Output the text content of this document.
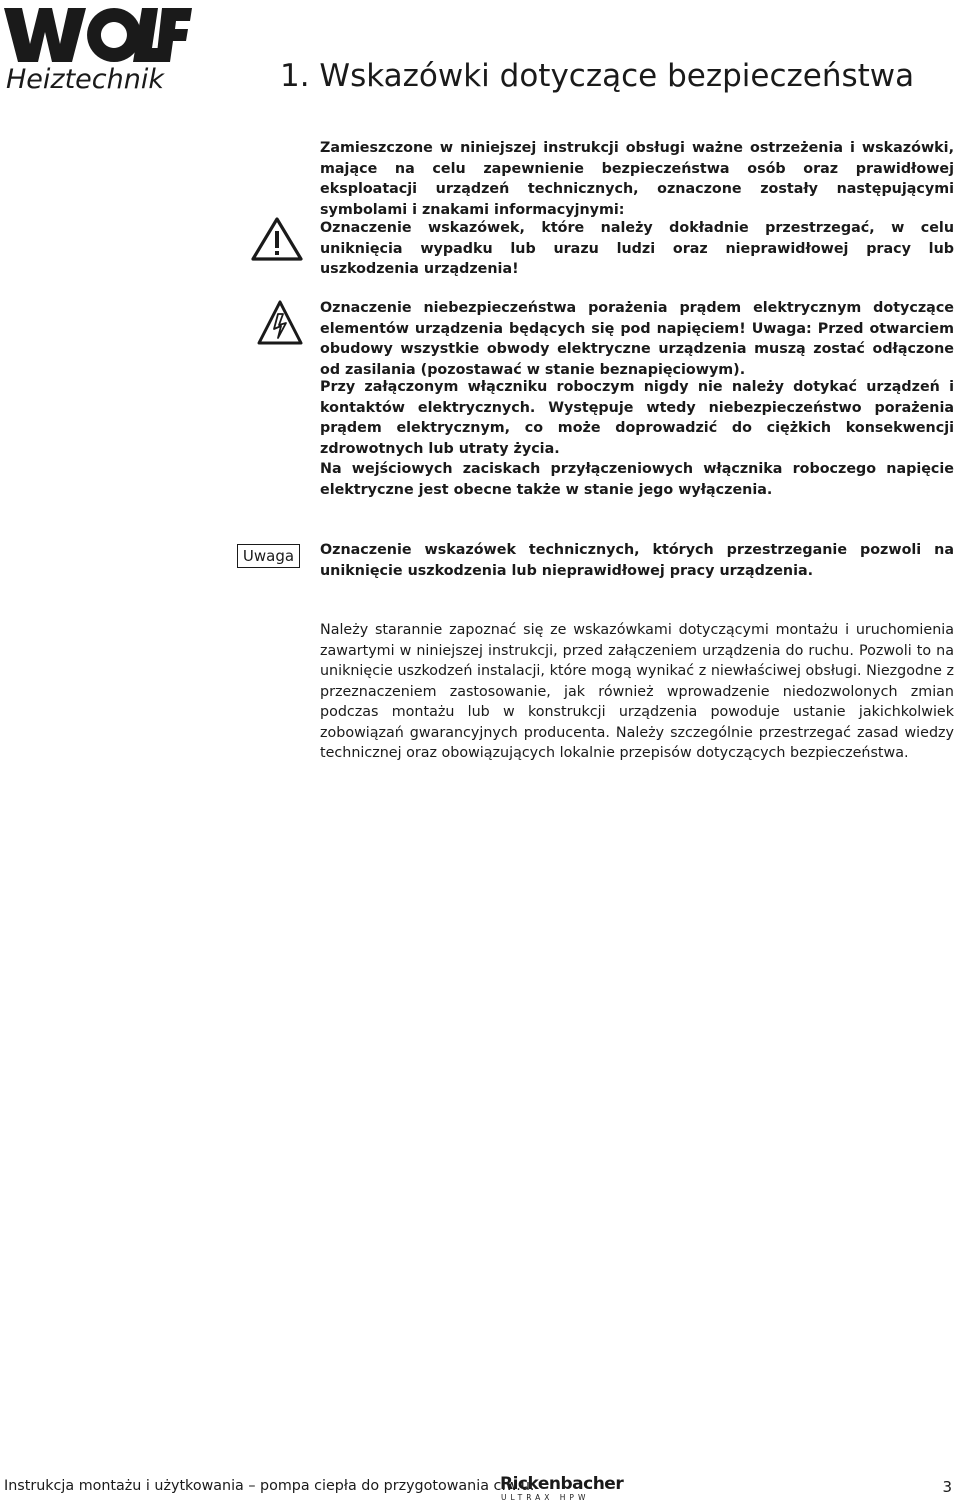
Heiztechnik	1. Wskazówki dotyczące bezpieczeństwa

Zamieszczone w niniejszej instrukcji obsługi ważne ostrzeżenia i wskazówki, mające na celu zapewnienie bezpieczeństwa osób oraz prawidłowej eksploatacji urządzeń technicznych, oznaczone zostały następującymi symbolami i znakami informacyjnymi:

Oznaczenie wskazówek, które należy dokładnie przestrzegać, w celu uniknięcia wypadku lub urazu ludzi oraz nieprawidłowej pracy lub uszkodzenia urządzenia!

Oznaczenie niebezpieczeństwa porażenia prądem elektrycznym dotyczące elementów urządzenia będących się pod napięciem! Uwaga: Przed otwarciem obudowy wszystkie obwody elektryczne urządzenia muszą zostać odłączone od zasilania (pozostawać w stanie beznapięciowym).

Przy załączonym włączniku roboczym nigdy nie należy dotykać urządzeń i kontaktów elektrycznych. Występuje wtedy niebezpieczeństwo porażenia prądem elektrycznym, co może doprowadzić do ciężkich konsekwencji zdrowotnych lub utraty życia.

Na wejściowych zaciskach przyłączeniowych włącznika roboczego napięcie elektryczne jest obecne także w stanie jego wyłączenia.

Uwaga	Oznaczenie wskazówek technicznych, których przestrzeganie pozwoli na uniknięcie uszkodzenia lub nieprawidłowej pracy urządzenia.

Należy starannie zapoznać się ze wskazówkami dotyczącymi montażu i uruchomienia zawartymi w niniejszej instrukcji, przed załączeniem urządzenia do ruchu. Pozwoli to na uniknięcie uszkodzeń instalacji, które mogą wynikać z niewłaściwej obsługi. Niezgodne z przeznaczeniem zastosowanie, jak również wprowadzenie niedozwolonych zmian podczas montażu lub w konstrukcji urządzenia powoduje ustanie jakichkolwiek zobowiązań gwarancyjnych producenta. Należy szczególnie przestrzegać zasad wiedzy technicznej oraz obowiązujących lokalnie przepisów dotyczących bezpieczeństwa.

Instrukcja montażu i użytkowania – pompa ciepła do przygotowania c.w.u.
Rickenbacher
ULTRAX HPW
3
